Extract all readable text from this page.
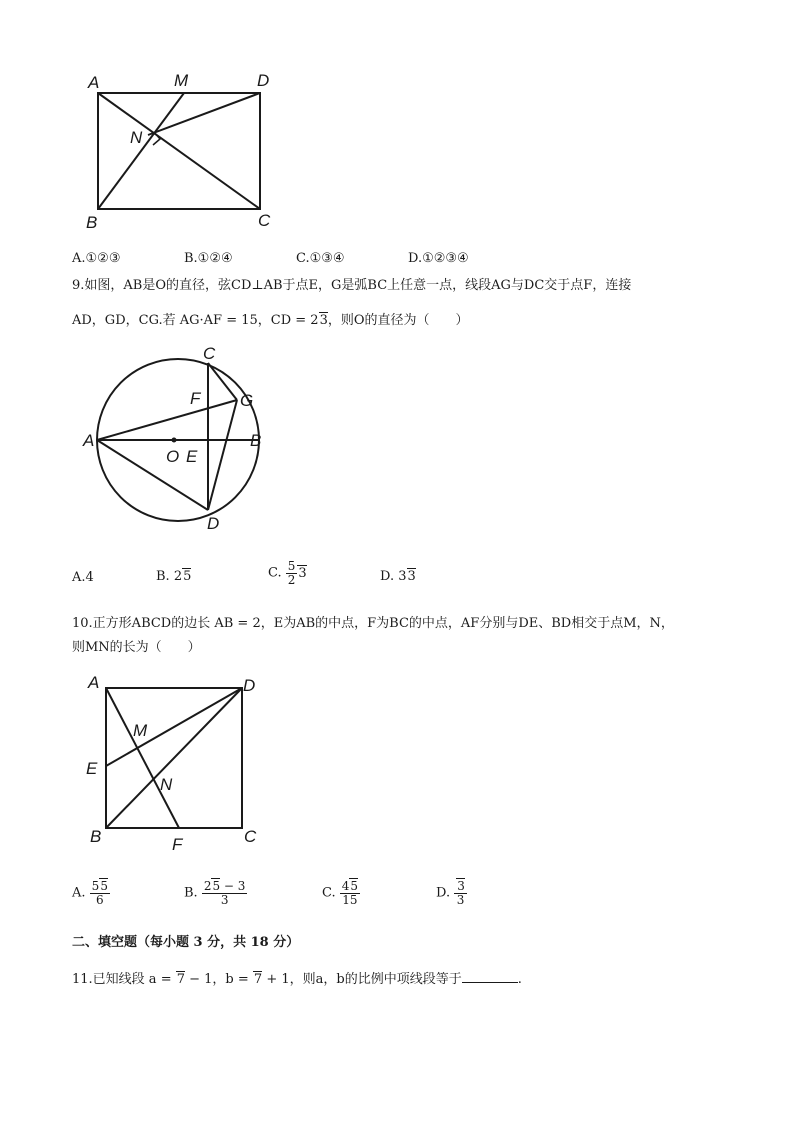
A	M	D
N
B	C
A.①②③	B.①②④	C.①③④	D.①②③④
9.如图，AB是O的直径，弦CD⊥AB于点E，G是弧BC上任意一点，线段AG与DC交于点F，连接
AD，GD，CG.若 AG·AF = 15，CD = 23，则O的直径为（　　）
C
F G
A	B
O E
D
A.4	B. 25	C. $\frac{5}{2} 3$	D. 33
10.正方形ABCD的边长 AB = 2，E为AB的中点，F为BC的中点，AF分别与DE、BD相交于点M，N，
则MN的长为（　　）
A	D
M
E
N
B	F	C
A. $\frac{55}{6}$	B. $\frac{25 - 3}{3}$	C. $\frac{45}{15}$	D. $\frac{3}{3}$
二、填空题（每小题 3 分，共 18 分）
11.已知线段 a = 7 − 1，b = 7 + 1，则a，b的比例中项线段等于	.
